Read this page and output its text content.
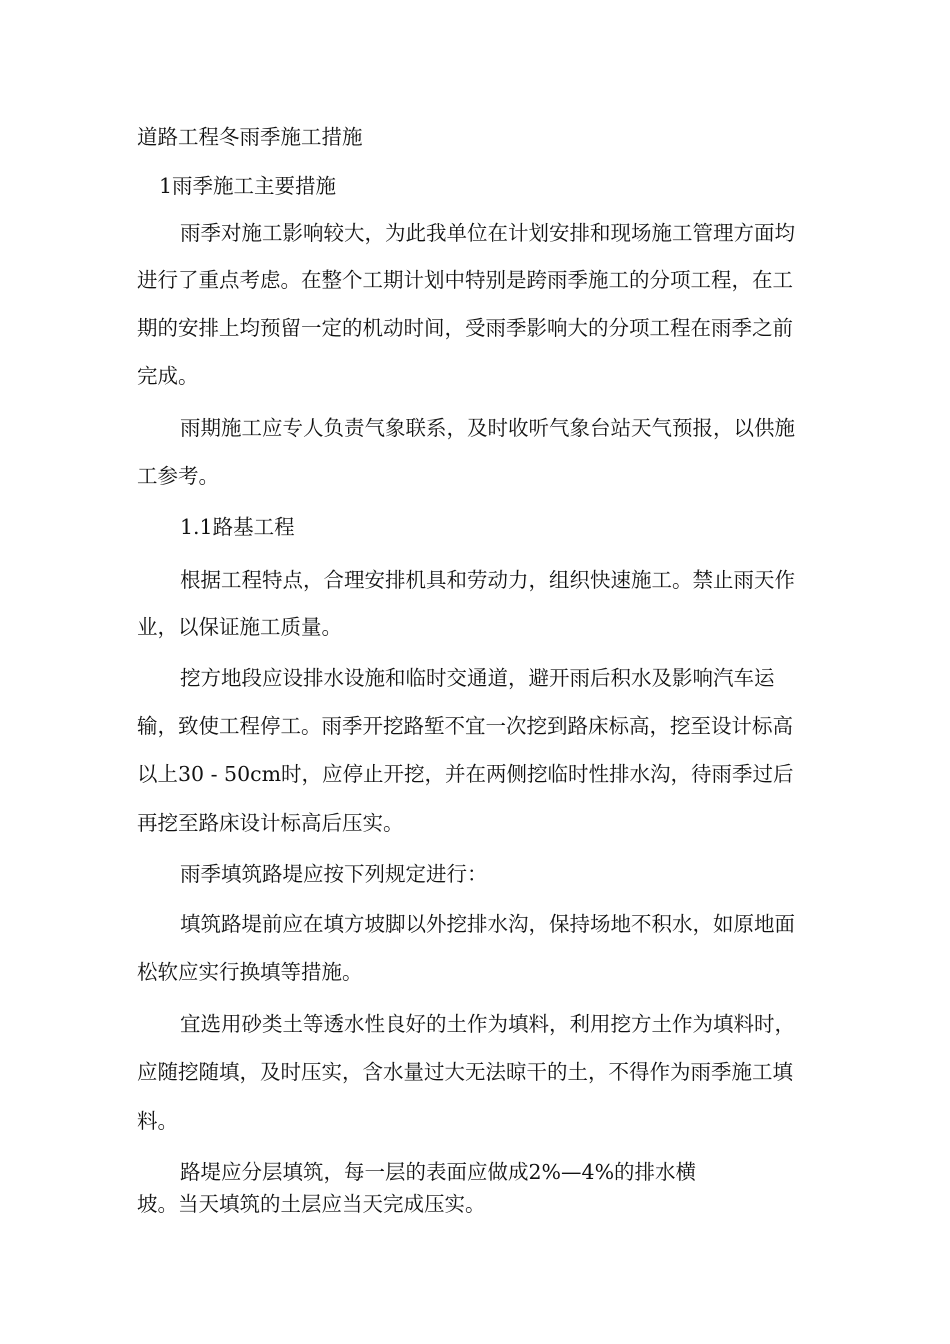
道路工程冬雨季施工措施
1雨季施工主要措施
雨季对施工影响较大，为此我单位在计划安排和现场施工管理方面均
进行了重点考虑。在整个工期计划中特别是跨雨季施工的分项工程，在工
期的安排上均预留一定的机动时间，受雨季影响大的分项工程在雨季之前
完成。
雨期施工应专人负责气象联系，及时收听气象台站天气预报，以供施
工参考。
1.1路基工程
根据工程特点，合理安排机具和劳动力，组织快速施工。禁止雨天作
业，以保证施工质量。
挖方地段应设排水设施和临时交通道，避开雨后积水及影响汽车运
输，致使工程停工。雨季开挖路堑不宜一次挖到路床标高，挖至设计标高
以上30 - 50cm时，应停止开挖，并在两侧挖临时性排水沟，待雨季过后
再挖至路床设计标高后压实。
雨季填筑路堤应按下列规定进行：
填筑路堤前应在填方坡脚以外挖排水沟，保持场地不积水，如原地面
松软应实行换填等措施。
宜选用砂类土等透水性良好的土作为填料，利用挖方土作为填料时，
应随挖随填，及时压实，含水量过大无法晾干的土，不得作为雨季施工填
料。
路堤应分层填筑，每一层的表面应做成2%—4%的排水横
坡。当天填筑的土层应当天完成压实。
